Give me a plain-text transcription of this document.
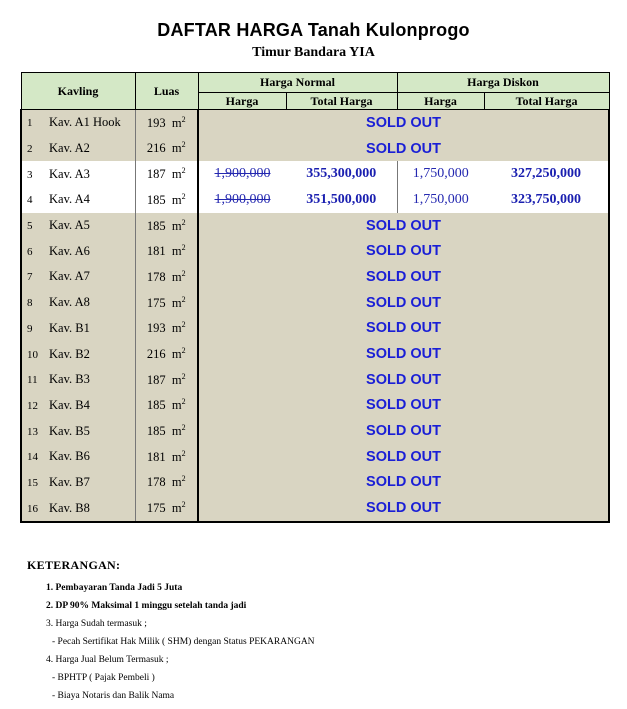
DAFTAR HARGA Tanah Kulonprogo
Timur Bandara YIA
Kavling	Luas	Harga Normal		Harga Diskon	
		Harga	Total Harga	Harga	Total Harga
1 Kav. A1 Hook	193 $m^2$	SOLD OUT			
2 Kav. A2	216 $m^2$	SOLD OUT			
3 Kav. A3	187 $m^2$	1,900,000	355,300,000	1,750,000	327,250,000
4 Kav. A4	185 $m^2$	1,900,000	351,500,000	1,750,000	323,750,000
5 Kav. A5	185 $m^2$	SOLD OUT			
6 Kav. A6	181 $m^2$	SOLD OUT			
7 Kav. A7	178 $m^2$	SOLD OUT			
8 Kav. A8	175 $m^2$	SOLD OUT			
9 Kav. B1	193 $m^2$	SOLD OUT			
10 Kav. B2	216 $m^2$	SOLD OUT			
11 Kav. B3	187 $m^2$	SOLD OUT			
12 Kav. B4	185 $m^2$	SOLD OUT			
13 Kav. B5	185 $m^2$	SOLD OUT			
14 Kav. B6	181 $m^2$	SOLD OUT			
15 Kav. B7	178 $m^2$	SOLD OUT			
16 Kav. B8	175 $m^2$	SOLD OUT			
KETERANGAN:
1. Pembayaran Tanda Jadi 5 Juta
2. DP 90% Maksimal 1 minggu setelah tanda jadi
3. Harga Sudah termasuk ;
- Pecah Sertifikat Hak Milik ( SHM) dengan Status PEKARANGAN
4. Harga Jual Belum Termasuk ;
- BPHTP ( Pajak Pembeli )
- Biaya Notaris dan Balik Nama
